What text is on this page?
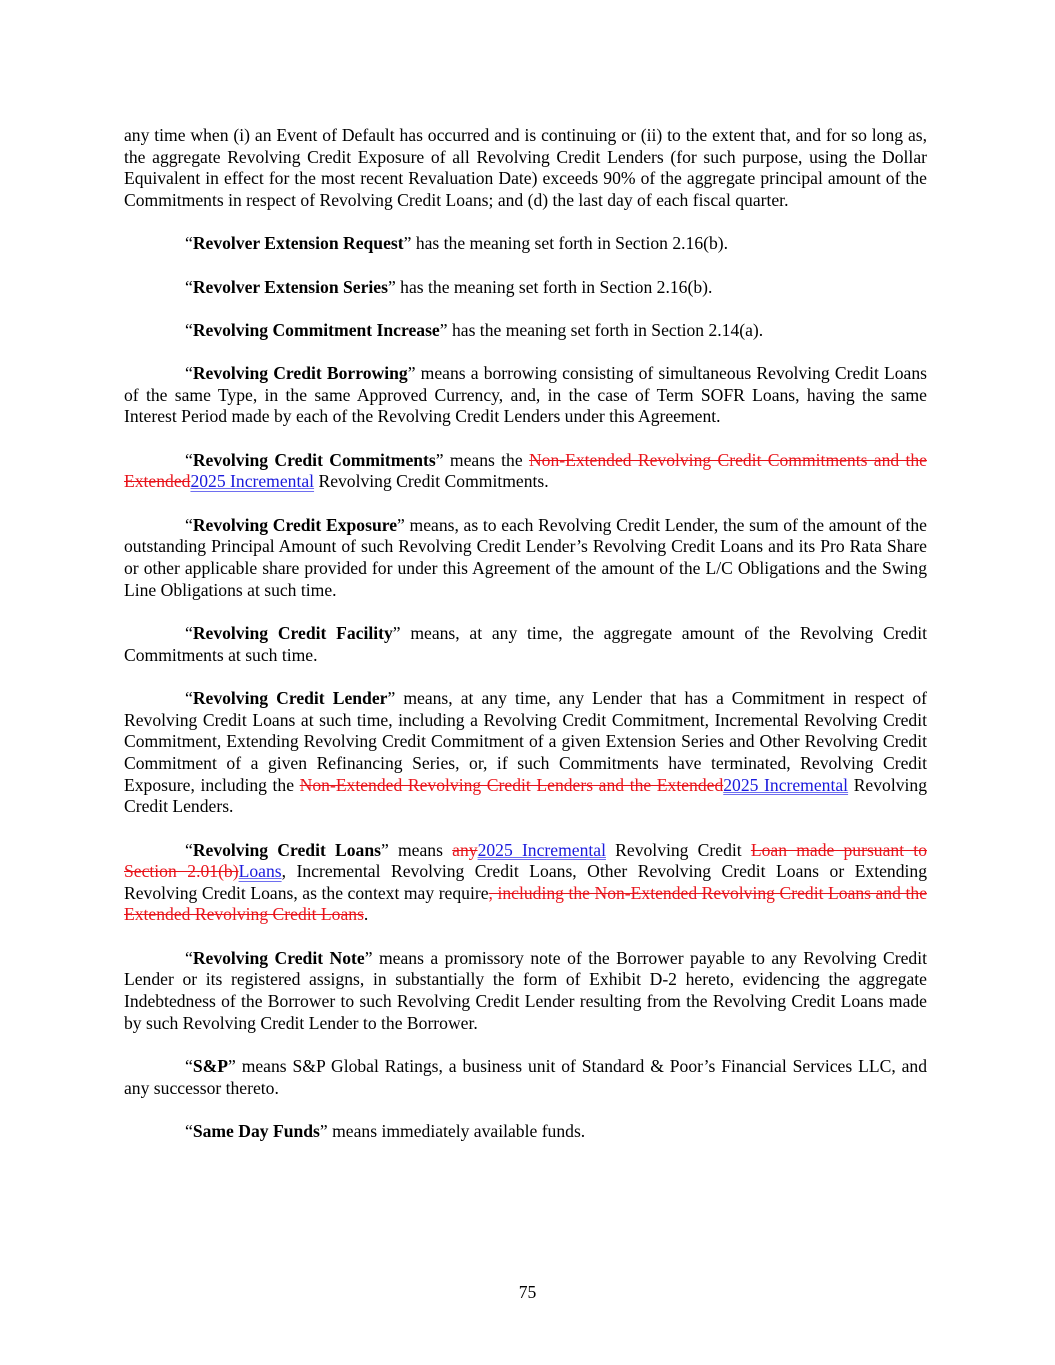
any time when (i) an Event of Default has occurred and is continuing or (ii) to the extent that, and for so long as, the aggregate Revolving Credit Exposure of all Revolving Credit Lenders (for such purpose, using the Dollar Equivalent in effect for the most recent Revaluation Date) exceeds 90% of the aggregate principal amount of the Commitments in respect of Revolving Credit Loans; and (d) the last day of each fiscal quarter.

“Revolver Extension Request” has the meaning set forth in Section 2.16(b).

“Revolver Extension Series” has the meaning set forth in Section 2.16(b).

“Revolving Commitment Increase” has the meaning set forth in Section 2.14(a).

“Revolving Credit Borrowing” means a borrowing consisting of simultaneous Revolving Credit Loans of the same Type, in the same Approved Currency, and, in the case of Term SOFR Loans, having the same Interest Period made by each of the Revolving Credit Lenders under this Agreement.

“Revolving Credit Commitments” means the Non-Extended Revolving Credit Commitments and the Extended2025 Incremental Revolving Credit Commitments.

“Revolving Credit Exposure” means, as to each Revolving Credit Lender, the sum of the amount of the outstanding Principal Amount of such Revolving Credit Lender’s Revolving Credit Loans and its Pro Rata Share or other applicable share provided for under this Agreement of the amount of the L/C Obligations and the Swing Line Obligations at such time.

“Revolving Credit Facility” means, at any time, the aggregate amount of the Revolving Credit Commitments at such time.

“Revolving Credit Lender” means, at any time, any Lender that has a Commitment in respect of Revolving Credit Loans at such time, including a Revolving Credit Commitment, Incremental Revolving Credit Commitment, Extending Revolving Credit Commitment of a given Extension Series and Other Revolving Credit Commitment of a given Refinancing Series, or, if such Commitments have terminated, Revolving Credit Exposure, including the Non-Extended Revolving Credit Lenders and the Extended2025 Incremental Revolving Credit Lenders.

“Revolving Credit Loans” means any2025 Incremental Revolving Credit Loan made pursuant to Section 2.01(b)Loans, Incremental Revolving Credit Loans, Other Revolving Credit Loans or Extending Revolving Credit Loans, as the context may require, including the Non-Extended Revolving Credit Loans and the Extended Revolving Credit Loans.

“Revolving Credit Note” means a promissory note of the Borrower payable to any Revolving Credit Lender or its registered assigns, in substantially the form of Exhibit D-2 hereto, evidencing the aggregate Indebtedness of the Borrower to such Revolving Credit Lender resulting from the Revolving Credit Loans made by such Revolving Credit Lender to the Borrower.

“S&P” means S&P Global Ratings, a business unit of Standard & Poor’s Financial Services LLC, and any successor thereto.

“Same Day Funds” means immediately available funds.

75
